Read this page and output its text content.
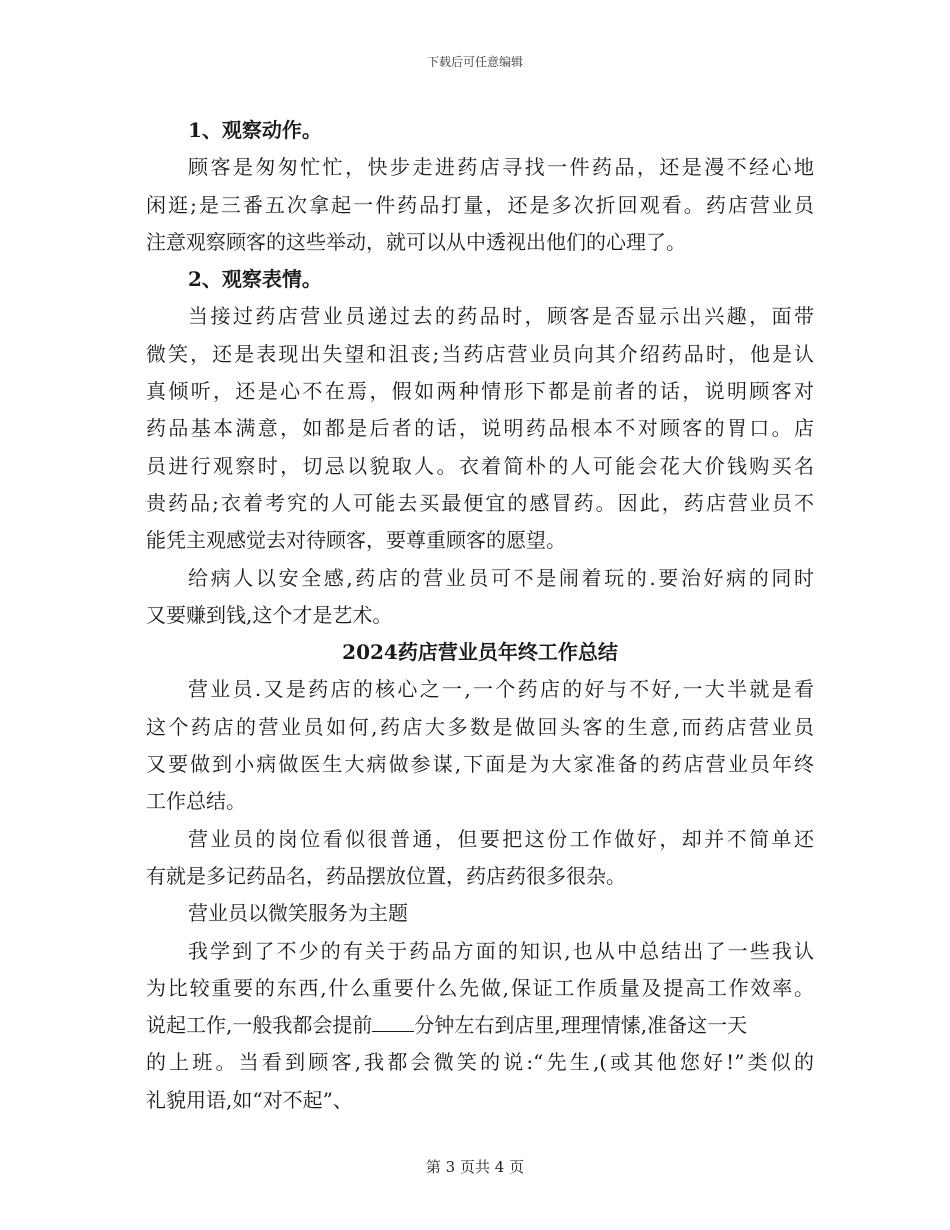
下载后可任意编辑
1、观察动作。
顾客是匆匆忙忙，快步走进药店寻找一件药品，还是漫不经心地
闲逛;是三番五次拿起一件药品打量，还是多次折回观看。药店营业员
注意观察顾客的这些举动，就可以从中透视出他们的心理了。
2、观察表情。
当接过药店营业员递过去的药品时，顾客是否显示出兴趣，面带
微笑，还是表现出失望和沮丧;当药店营业员向其介绍药品时，他是认
真倾听，还是心不在焉，假如两种情形下都是前者的话，说明顾客对
药品基本满意，如都是后者的话，说明药品根本不对顾客的胃口。店
员进行观察时，切忌以貌取人。衣着简朴的人可能会花大价钱购买名
贵药品;衣着考究的人可能去买最便宜的感冒药。因此，药店营业员不
能凭主观感觉去对待顾客，要尊重顾客的愿望。
给病人以安全感,药店的营业员可不是闹着玩的.要治好病的同时
又要赚到钱,这个才是艺术。
2024药店营业员年终工作总结
营业员.又是药店的核心之一,一个药店的好与不好,一大半就是看
这个药店的营业员如何,药店大多数是做回头客的生意,而药店营业员
又要做到小病做医生大病做参谋,下面是为大家准备的药店营业员年终
工作总结。
营业员的岗位看似很普通，但要把这份工作做好，却并不简单还
有就是多记药品名，药品摆放位置，药店药很多很杂。
营业员以微笑服务为主题
我学到了不少的有关于药品方面的知识,也从中总结出了一些我认
为比较重要的东西,什么重要什么先做,保证工作质量及提高工作效率。
说起工作,一般我都会提前 分钟左右到店里,理理情愫,准备这一天
的上班。当看到顾客,我都会微笑的说:“先生,(或其他您好!”类似的
礼貌用语,如“对不起”、
第 3 页共 4 页
